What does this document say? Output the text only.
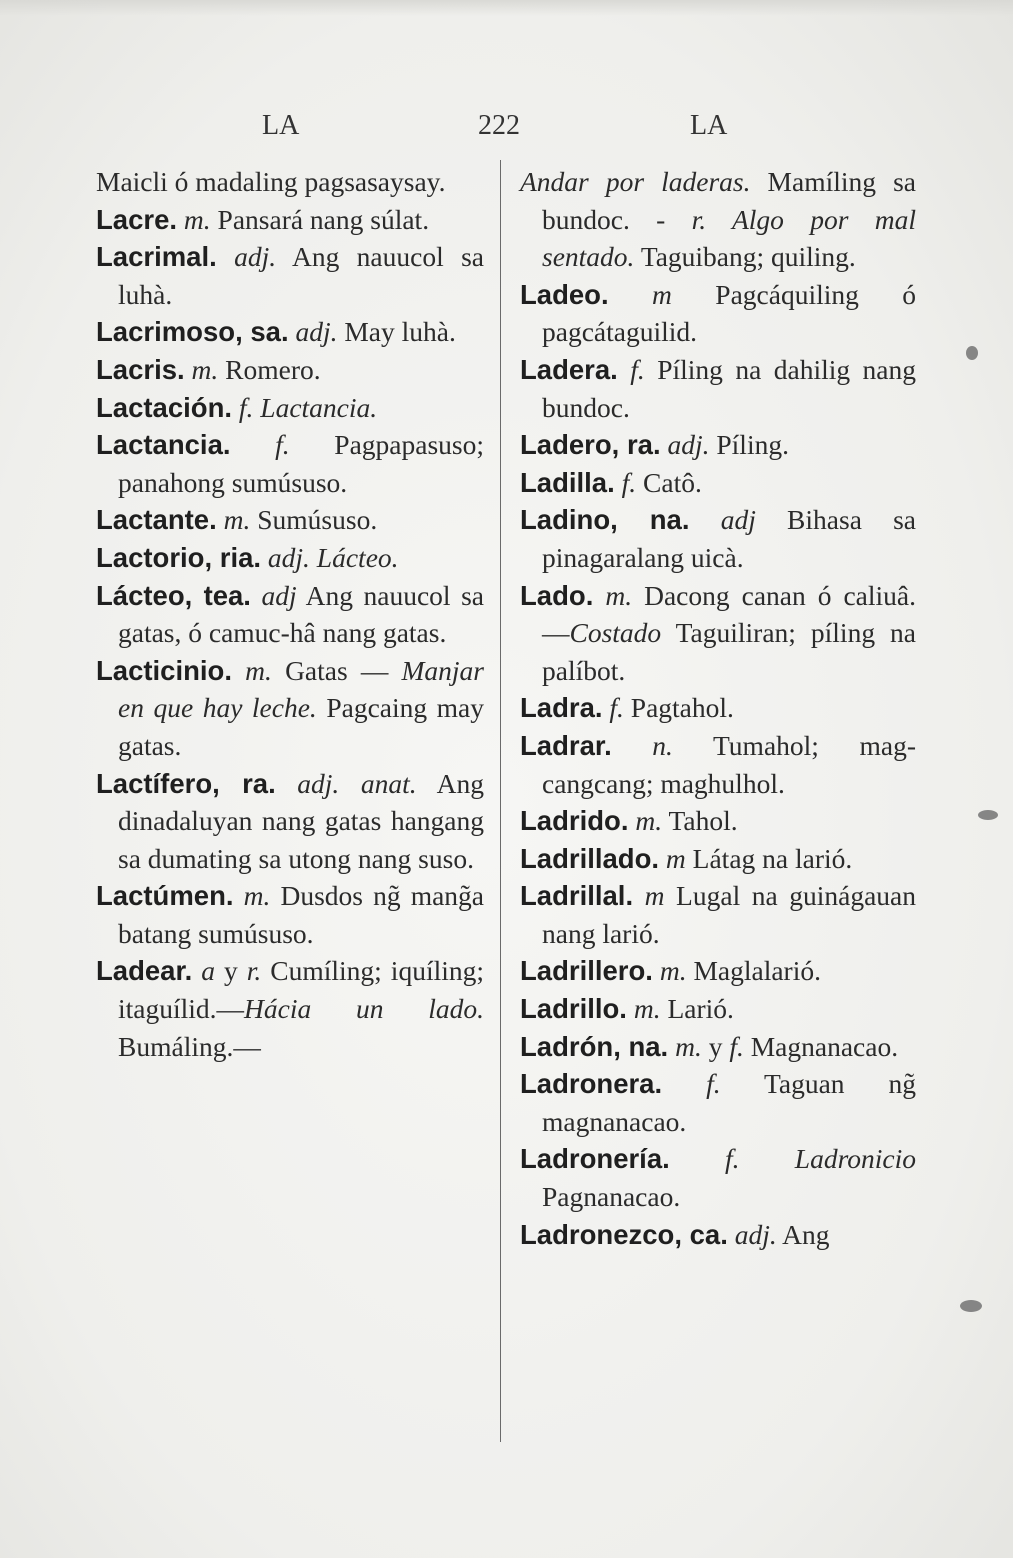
LA	222	LA

Maicli ó madaling pagsasaysay.

Lacre. m. Pansará nang súlat.

Lacrimal. adj. Ang nauucol sa luhà.

Lacrimoso, sa. adj. May luhà.

Lacris. m. Romero.

Lactación. f. Lactancia.

Lactancia. f. Pagpapasuso; panahong sumúsuso.

Lactante. m. Sumúsuso.

Lactorio, ria. adj. Lácteo.

Lácteo, tea. adj Ang nauucol sa gatas, ó camuc-hâ nang gatas.

Lacticinio. m. Gatas — Manjar en que hay leche. Pagcaing may gatas.

Lactífero, ra. adj. anat. Ang dinadaluyan nang gatas hangang sa dumating sa utong nang suso.

Lactúmen. m. Dusdos ng̃ mang̃a batang sumúsuso.

Ladear. a y r. Cumíling; iquíling; itaguílid.—Hácia un lado. Bumáling.—

Andar por laderas. Mamíling sa bundoc. - r. Algo por mal sentado. Taguibang; quiling.

Ladeo. m Pagcáquiling ó pagcátaguilid.

Ladera. f. Píling na dahilig nang bundoc.

Ladero, ra. adj. Píling.

Ladilla. f. Catô.

Ladino, na. adj Bihasa sa pinagaralang uicà.

Lado. m. Dacong canan ó caliuâ.—Costado Taguiliran; píling na palíbot.

Ladra. f. Pagtahol.

Ladrar. n. Tumahol; magcangcang; maghulhol.

Ladrido. m. Tahol.

Ladrillado. m Látag na larió.

Ladrillal. m Lugal na guinágauan nang larió.

Ladrillero. m. Maglalarió.

Ladrillo. m. Larió.

Ladrón, na. m. y f. Magnanacao.

Ladronera. f. Taguan ng̃ magnanacao.

Ladronería. f. Ladronicio Pagnanacao.

Ladronezco, ca. adj. Ang
